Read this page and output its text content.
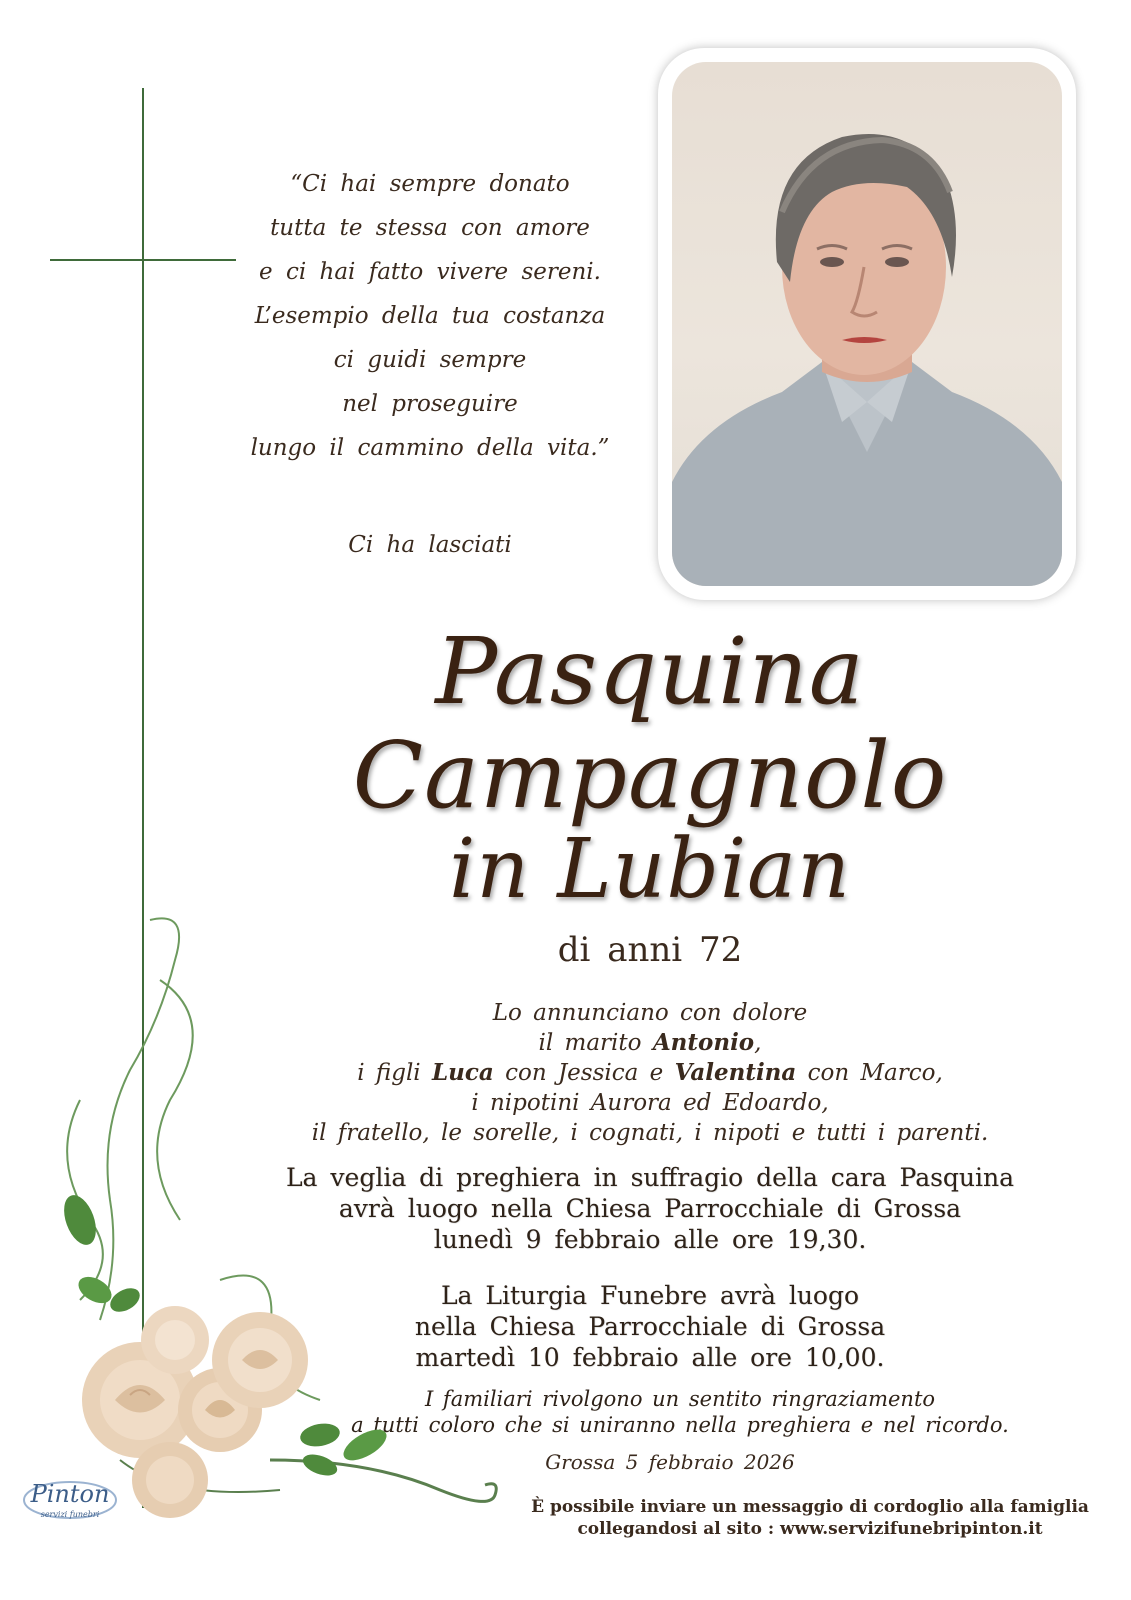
“Ci hai sempre donato
tutta te stessa con amore
e ci hai fatto vivere sereni.
L’esempio della tua costanza
ci guidi sempre
nel proseguire
lungo il cammino della vita.”
Ci ha lasciati
Pasquina
Campagnolo
in Lubian
di anni 72
Lo annunciano con dolore
il marito Antonio,
i figli Luca con Jessica e Valentina con Marco,
i nipotini Aurora ed Edoardo,
il fratello, le sorelle, i cognati, i nipoti e tutti i parenti.
La veglia di preghiera in suffragio della cara Pasquina
avrà luogo nella Chiesa Parrocchiale di Grossa
lunedì 9 febbraio alle ore 19,30.
La Liturgia Funebre avrà luogo
nella Chiesa Parrocchiale di Grossa
martedì 10 febbraio alle ore 10,00.
I familiari rivolgono un sentito ringraziamento
a tutti coloro che si uniranno nella preghiera e nel ricordo.
Grossa 5 febbraio 2026
È possibile inviare un messaggio di cordoglio alla famiglia
collegandosi al sito : www.servizifunebripinton.it
Pinton
servizi funebri
